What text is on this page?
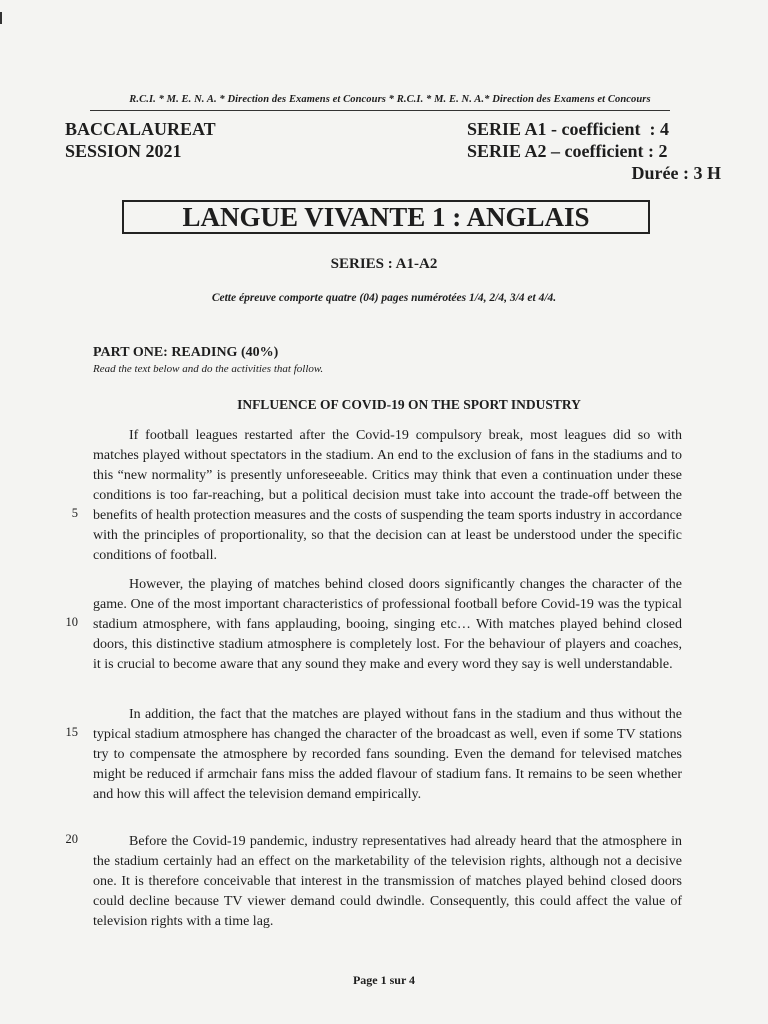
R.C.I. * M. E. N. A. * Direction des Examens et Concours * R.C.I. * M. E. N. A.* Direction des Examens et Concours
BACCALAUREAT
SESSION 2021
SERIE A1 - coefficient  : 4
SERIE A2 – coefficient : 2
Durée : 3 H
LANGUE VIVANTE 1 : ANGLAIS
SERIES : A1-A2
Cette épreuve comporte quatre (04) pages numérotées 1/4, 2/4, 3/4 et 4/4.
PART ONE: READING (40%)
Read the text below and do the activities that follow.
INFLUENCE OF COVID-19 ON THE SPORT INDUSTRY

If football leagues restarted after the Covid-19 compulsory break, most leagues did so with matches played without spectators in the stadium. An end to the exclusion of fans in the stadiums and to this “new normality” is presently unforeseeable. Critics may think that even a continuation under these conditions is too far-reaching, but a political decision must take into account the trade-off between the benefits of health protection measures and the costs of suspending the team sports industry in accordance with the principles of proportionality, so that the decision can at least be understood under the specific conditions of football.

However, the playing of matches behind closed doors significantly changes the character of the game. One of the most important characteristics of professional football before Covid-19 was the typical stadium atmosphere, with fans applauding, booing, singing etc… With matches played behind closed doors, this distinctive stadium atmosphere is completely lost. For the behaviour of players and coaches, it is crucial to become aware that any sound they make and every word they say is well understandable.

In addition, the fact that the matches are played without fans in the stadium and thus without the typical stadium atmosphere has changed the character of the broadcast as well, even if some TV stations try to compensate the atmosphere by recorded fans sounding. Even the demand for televised matches might be reduced if armchair fans miss the added flavour of stadium fans. It remains to be seen whether and how this will affect the television demand empirically.

Before the Covid-19 pandemic, industry representatives had already heard that the atmosphere in the stadium certainly had an effect on the marketability of the television rights, although not a decisive one. It is therefore conceivable that interest in the transmission of matches played behind closed doors could decline because TV viewer demand could dwindle. Consequently, this could affect the value of television rights with a time lag.

5
10
15
20
Page 1 sur 4
